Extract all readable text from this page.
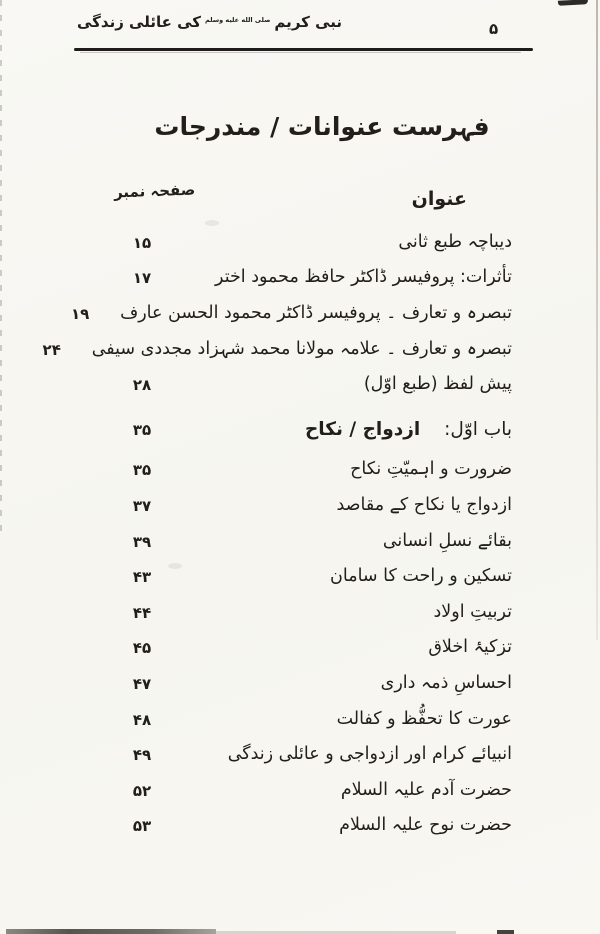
نبی کریم
صلى الله عليه وسلم
کی عائلی زندگی	۵
فہرست عنوانات / مندرجات
عنوان
صفحہ نمبر
دیباچہ طبع ثانی
۱۵
تأثرات: پروفیسر ڈاکٹر حافظ محمود اختر
۱۷
تبصرہ و تعارف ۔ پروفیسر ڈاکٹر محمود الحسن عارف
۱۹
تبصرہ و تعارف ۔ علامہ مولانا محمد شہزاد مجددی سیفی
۲۴
پیش لفظ (طبع اوّل)
۲۸
باب اوّل: ازدواج / نکاح
۳۵
ضرورت و اہمیّتِ نکاح
۳۵
ازدواج یا نکاح کے مقاصد
۳۷
بقائے نسلِ انسانی
۳۹
تسکین و راحت کا سامان
۴۳
تربیتِ اولاد
۴۴
تزکیۂ اخلاق
۴۵
احساسِ ذمہ داری
۴۷
عورت کا تحفُّظ و کفالت
۴۸
انبیائے کرام اور ازدواجی و عائلی زندگی
۴۹
حضرت آدم علیہ السلام
۵۲
حضرت نوح علیہ السلام
۵۳
